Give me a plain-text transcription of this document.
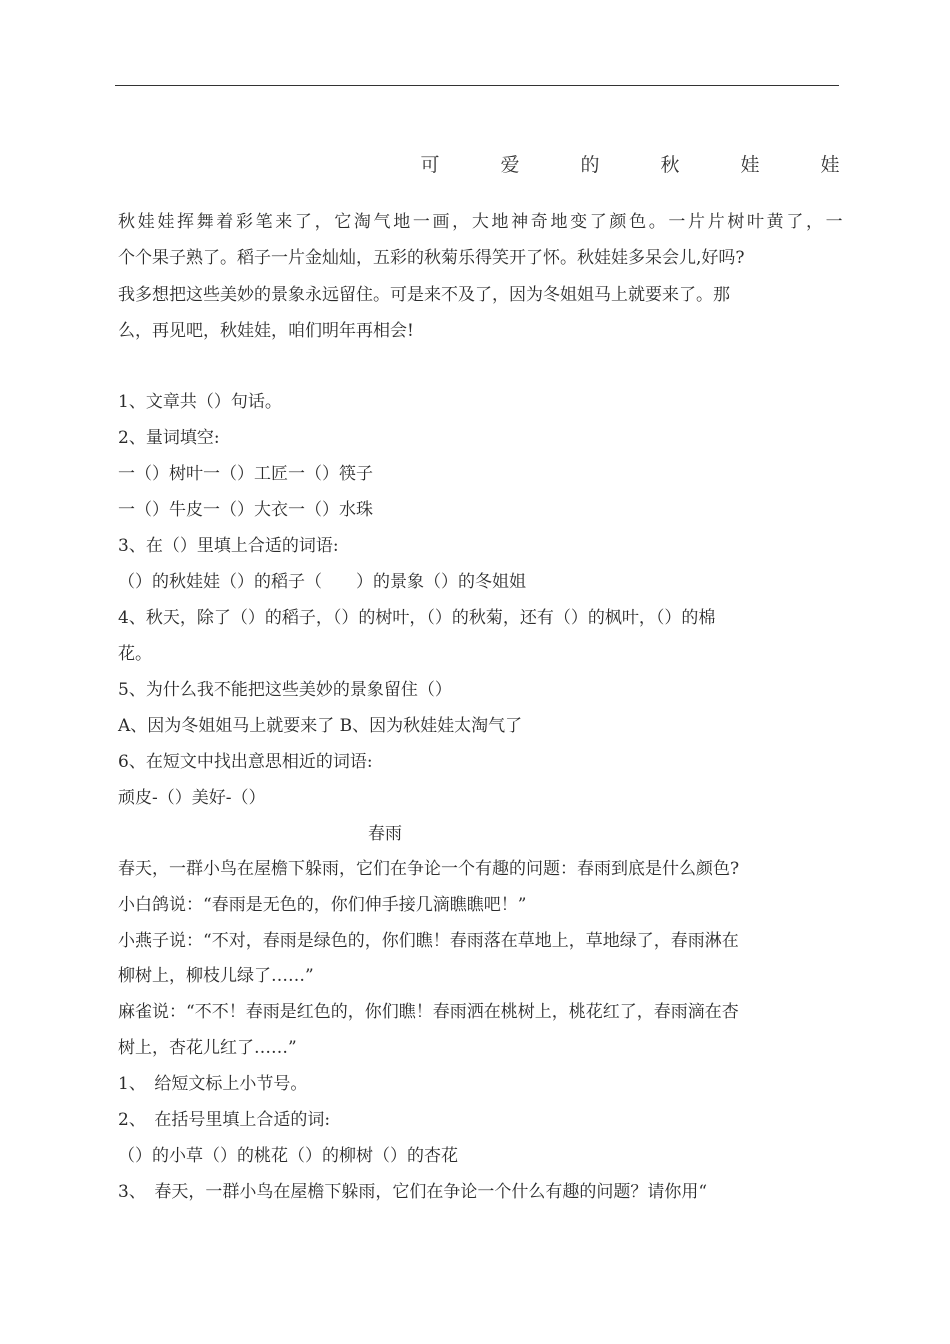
可	爱	的	秋	娃	娃
秋 娃 娃 挥 舞 着 彩 笔 来 了 ， 它 淘 气 地 一 画 ， 大 地 神 奇 地 变 了 颜 色 。 一 片 片 树 叶 黄 了 ， 一
个个果子熟了。稻子一片金灿灿，五彩的秋菊乐得笑开了怀。秋娃娃多呆会儿,好吗?
我多想把这些美妙的景象永远留住。可是来不及了，因为冬姐姐马上就要来了。那
么，再见吧，秋娃娃，咱们明年再相会!
1、文章共（）句话。
2、量词填空:
一（）树叶一（）工匠一（）筷子
一（）牛皮一（）大衣一（）水珠
3、在（）里填上合适的词语:
（）的秋娃娃（）的稻子（　　）的景象（）的冬姐姐
4、秋天，除了（）的稻子，（）的树叶，（）的秋菊，还有（）的枫叶，（）的棉
花。
5、为什么我不能把这些美妙的景象留住（）
A、因为冬姐姐马上就要来了 B、因为秋娃娃太淘气了
6、在短文中找出意思相近的词语:
顽皮-（）美好-（）
春雨
春天，一群小鸟在屋檐下躲雨，它们在争论一个有趣的问题：春雨到底是什么颜色?
小白鸽说：“春雨是无色的，你们伸手接几滴瞧瞧吧！”
小燕子说：“不对，春雨是绿色的，你们瞧！春雨落在草地上，草地绿了，春雨淋在
柳树上，柳枝儿绿了……”
麻雀说：“不不！春雨是红色的，你们瞧！春雨洒在桃树上，桃花红了，春雨滴在杏
树上，杏花儿红了……”
1、　给短文标上小节号。
2、　在括号里填上合适的词:
（）的小草（）的桃花（）的柳树（）的杏花
3、　春天，一群小鸟在屋檐下躲雨，它们在争论一个什么有趣的问题？请你用“
